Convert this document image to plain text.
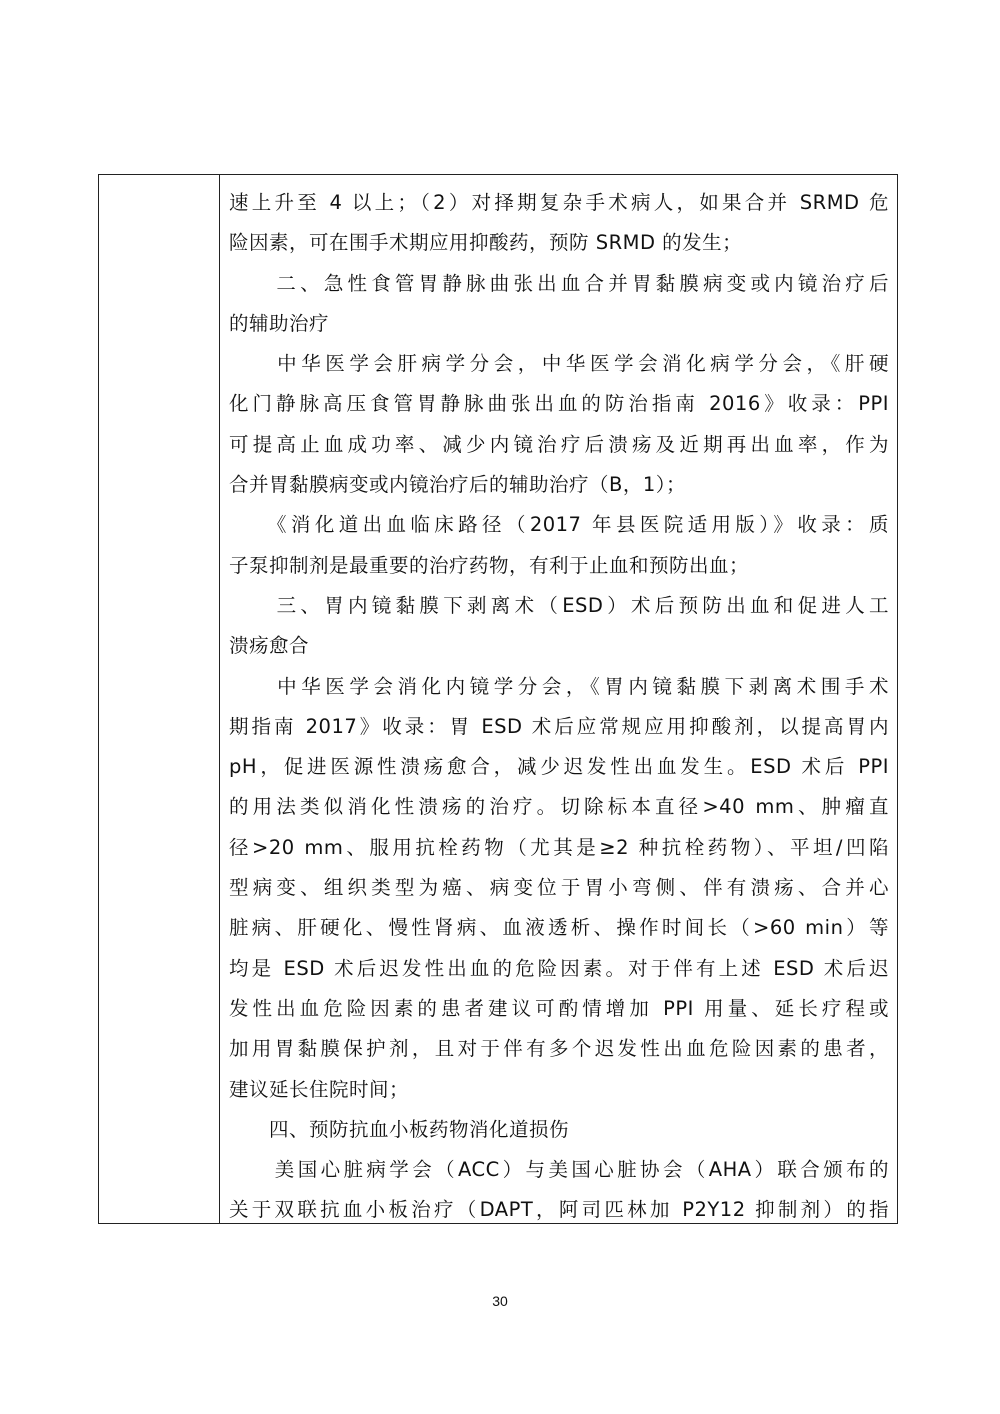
速上升至 4 以上；（2）对择期复杂手术病人，如果合并 SRMD 危
险因素，可在围手术期应用抑酸药，预防 SRMD 的发生；
　　二、急性食管胃静脉曲张出血合并胃黏膜病变或内镜治疗后
的辅助治疗
　　中华医学会肝病学分会，中华医学会消化病学分会，《肝硬
化门静脉高压食管胃静脉曲张出血的防治指南 2016》收录：PPI
可提高止血成功率、减少内镜治疗后溃疡及近期再出血率，作为
合并胃黏膜病变或内镜治疗后的辅助治疗（B，1）；
　　《消化道出血临床路径（2017 年县医院适用版）》收录：质
子泵抑制剂是最重要的治疗药物，有利于止血和预防出血；
　　三、胃内镜黏膜下剥离术（ESD）术后预防出血和促进人工
溃疡愈合
　　中华医学会消化内镜学分会，《胃内镜黏膜下剥离术围手术
期指南 2017》收录：胃 ESD 术后应常规应用抑酸剂，以提高胃内
pH，促进医源性溃疡愈合，减少迟发性出血发生。ESD 术后 PPI
的用法类似消化性溃疡的治疗。切除标本直径>40 mm、肿瘤直
径>20 mm、服用抗栓药物（尤其是≥2 种抗栓药物）、平坦/凹陷
型病变、组织类型为癌、病变位于胃小弯侧、伴有溃疡、合并心
脏病、肝硬化、慢性肾病、血液透析、操作时间长（>60 min）等
均是 ESD 术后迟发性出血的危险因素。对于伴有上述 ESD 术后迟
发性出血危险因素的患者建议可酌情增加 PPI 用量、延长疗程或
加用胃黏膜保护剂，且对于伴有多个迟发性出血危险因素的患者，
建议延长住院时间；
　　四、预防抗血小板药物消化道损伤
　　美国心脏病学会（ACC）与美国心脏协会（AHA）联合颁布的
关于双联抗血小板治疗（DAPT，阿司匹林加 P2Y12 抑制剂）的指
30
